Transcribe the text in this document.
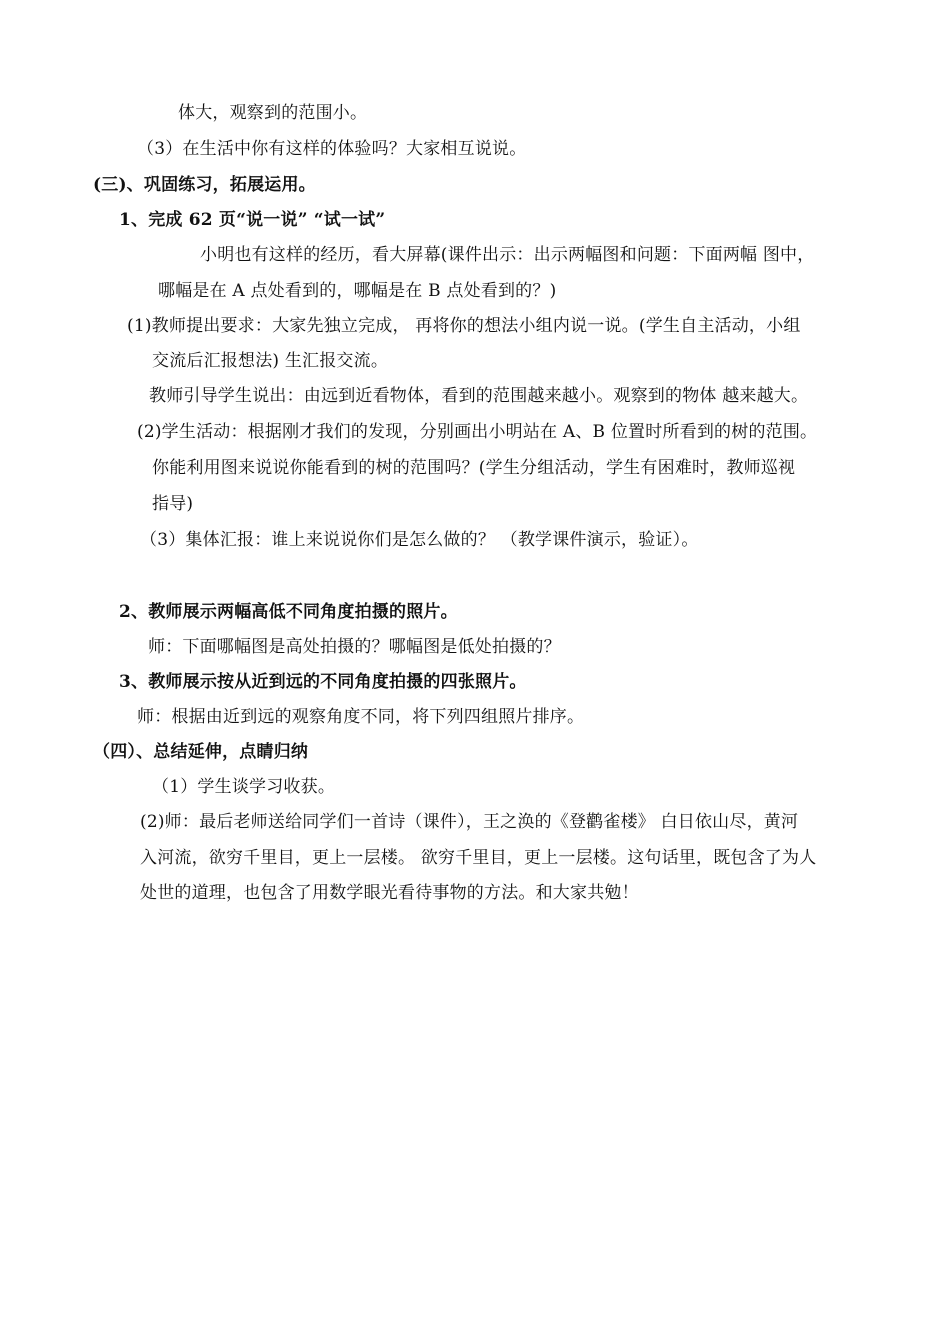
体大，观察到的范围小。
（3）在生活中你有这样的体验吗？大家相互说说。
(三)、巩固练习，拓展运用。
1、完成 62 页“说一说” “试一试”
小明也有这样的经历，看大屏幕(课件出示：出示两幅图和问题：下面两幅 图中，
哪幅是在 A 点处看到的，哪幅是在 B 点处看到的？)
(1)教师提出要求：大家先独立完成， 再将你的想法小组内说一说。(学生自主活动，小组
交流后汇报想法) 生汇报交流。
教师引导学生说出：由远到近看物体，看到的范围越来越小。观察到的物体 越来越大。
(2)学生活动：根据刚才我们的发现，分别画出小明站在 A、B 位置时所看到的树的范围。
你能利用图来说说你能看到的树的范围吗？(学生分组活动，学生有困难时，教师巡视
指导)
（3）集体汇报：谁上来说说你们是怎么做的？ （教学课件演示，验证）。
2、教师展示两幅高低不同角度拍摄的照片。
师：下面哪幅图是高处拍摄的？哪幅图是低处拍摄的？
3、教师展示按从近到远的不同角度拍摄的四张照片。
师：根据由近到远的观察角度不同，将下列四组照片排序。
（四）、总结延伸，点睛归纳
（1）学生谈学习收获。
(2)师：最后老师送给同学们一首诗（课件），王之涣的《登鹳雀楼》 白日依山尽，黄河
入河流，欲穷千里目，更上一层楼。 欲穷千里目，更上一层楼。这句话里，既包含了为人
处世的道理，也包含了用数学眼光看待事物的方法。和大家共勉！
